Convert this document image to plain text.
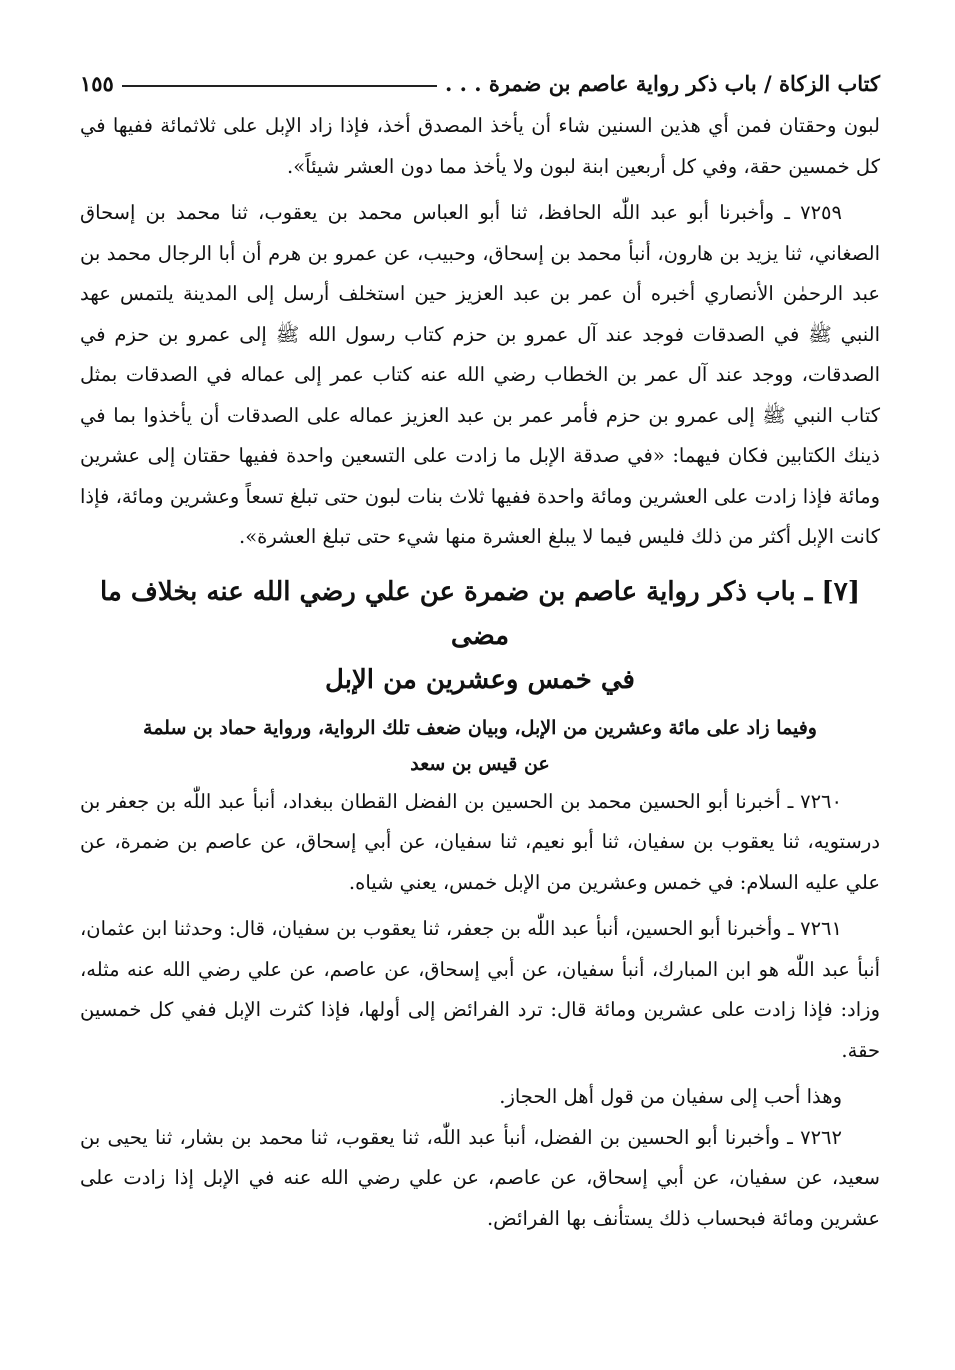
كتاب الزكاة / باب ذكر رواية عاصم بن ضمرة . . .
١٥٥

لبون وحقتان فمن أي هذين السنين شاء أن يأخذ المصدق أخذ، فإذا زاد الإبل على ثلاثمائة ففيها في كل خمسين حقة، وفي كل أربعين ابنة لبون ولا يأخذ مما دون العشر شيئاً».

٧٢٥٩ ـ وأخبرنا أبو عبد اللّٰه الحافظ، ثنا أبو العباس محمد بن يعقوب، ثنا محمد بن إسحاق الصغاني، ثنا يزيد بن هارون، أنبأ محمد بن إسحاق، وحبيب، عن عمرو بن هرم أن أبا الرجال محمد بن عبد الرحمٰن الأنصاري أخبره أن عمر بن عبد العزيز حين استخلف أرسل إلى المدينة يلتمس عهد النبي ﷺ في الصدقات فوجد عند آل عمرو بن حزم كتاب رسول الله ﷺ إلى عمرو بن حزم في الصدقات، ووجد عند آل عمر بن الخطاب رضي الله عنه كتاب عمر إلى عماله في الصدقات بمثل كتاب النبي ﷺ إلى عمرو بن حزم فأمر عمر بن عبد العزيز عماله على الصدقات أن يأخذوا بما في ذينك الكتابين فكان فيهما: «في صدقة الإبل ما زادت على التسعين واحدة ففيها حقتان إلى عشرين ومائة فإذا زادت على العشرين ومائة واحدة ففيها ثلاث بنات لبون حتى تبلغ تسعاً وعشرين ومائة، فإذا كانت الإبل أكثر من ذلك فليس فيما لا يبلغ العشرة منها شيء حتى تبلغ العشرة».

[٧] ـ باب ذكر رواية عاصم بن ضمرة عن علي رضي الله عنه بخلاف ما مضى
في خمس وعشرين من الإبل
وفيما زاد على مائة وعشرين من الإبل، وبيان ضعف تلك الرواية، ورواية حماد بن سلمة
عن قيس بن سعد

٧٢٦٠ ـ أخبرنا أبو الحسين محمد بن الحسين بن الفضل القطان ببغداد، أنبأ عبد اللّٰه بن جعفر بن درستويه، ثنا يعقوب بن سفيان، ثنا أبو نعيم، ثنا سفيان، عن أبي إسحاق، عن عاصم بن ضمرة، عن علي عليه السلام: في خمس وعشرين من الإبل خمس، يعني شياه.

٧٢٦١ ـ وأخبرنا أبو الحسين، أنبأ عبد اللّٰه بن جعفر، ثنا يعقوب بن سفيان، قال: وحدثنا ابن عثمان، أنبأ عبد اللّٰه هو ابن المبارك، أنبأ سفيان، عن أبي إسحاق، عن عاصم، عن علي رضي الله عنه مثله، وزاد: فإذا زادت على عشرين ومائة قال: ترد الفرائض إلى أولها، فإذا كثرت الإبل ففي كل خمسين حقة.

وهذا أحب إلى سفيان من قول أهل الحجاز.

٧٢٦٢ ـ وأخبرنا أبو الحسين بن الفضل، أنبأ عبد اللّٰه، ثنا يعقوب، ثنا محمد بن بشار، ثنا يحيى بن سعيد، عن سفيان، عن أبي إسحاق، عن عاصم، عن علي رضي الله عنه في الإبل إذا زادت على عشرين ومائة فبحساب ذلك يستأنف بها الفرائض.
